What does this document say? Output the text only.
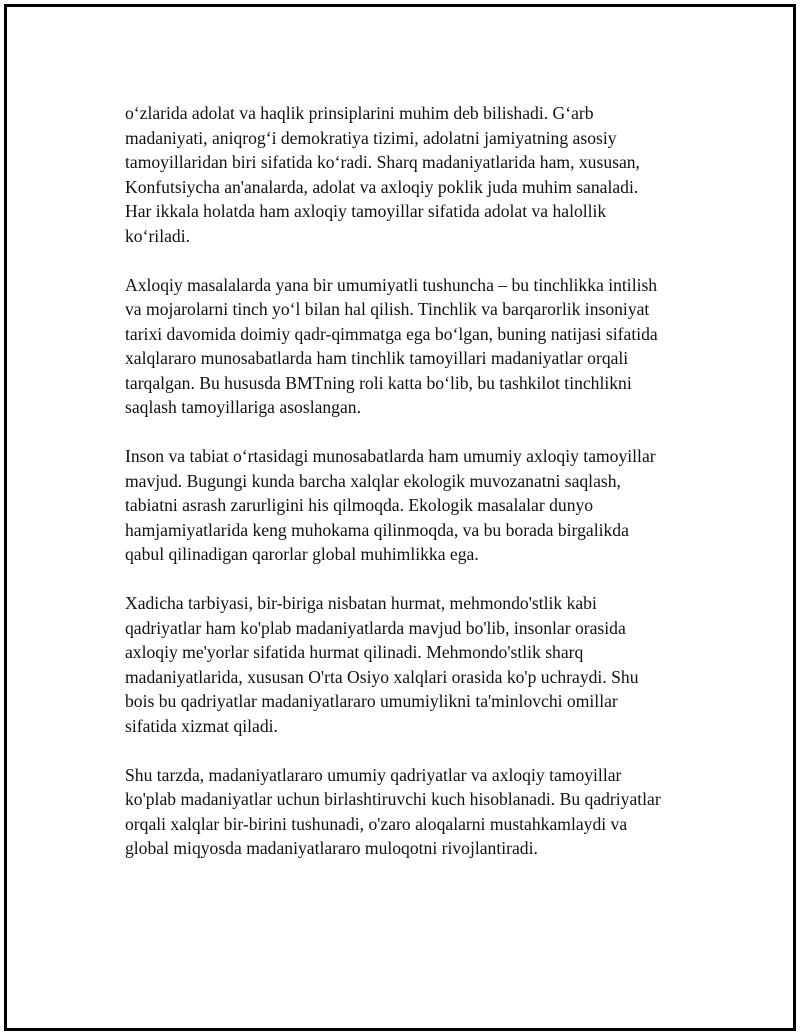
oʻzlarida adolat va haqlik prinsiplarini muhim deb bilishadi. Gʻarb
madaniyati, aniqrogʻi demokratiya tizimi, adolatni jamiyatning asosiy
tamoyillaridan biri sifatida koʻradi. Sharq madaniyatlarida ham, xususan,
Konfutsiycha an'analarda, adolat va axloqiy poklik juda muhim sanaladi.
Har ikkala holatda ham axloqiy tamoyillar sifatida adolat va halollik
koʻriladi.

Axloqiy masalalarda yana bir umumiyatli tushuncha – bu tinchlikka intilish
va mojarolarni tinch yoʻl bilan hal qilish. Tinchlik va barqarorlik insoniyat
tarixi davomida doimiy qadr-qimmatga ega boʻlgan, buning natijasi sifatida
xalqlararo munosabatlarda ham tinchlik tamoyillari madaniyatlar orqali
tarqalgan. Bu hususda BMTning roli katta boʻlib, bu tashkilot tinchlikni
saqlash tamoyillariga asoslangan.

Inson va tabiat oʻrtasidagi munosabatlarda ham umumiy axloqiy tamoyillar
mavjud. Bugungi kunda barcha xalqlar ekologik muvozanatni saqlash,
tabiatni asrash zarurligini his qilmoqda. Ekologik masalalar dunyo
hamjamiyatlarida keng muhokama qilinmoqda, va bu borada birgalikda
qabul qilinadigan qarorlar global muhimlikka ega.

Xadicha tarbiyasi, bir-biriga nisbatan hurmat, mehmondo'stlik kabi
qadriyatlar ham ko'plab madaniyatlarda mavjud bo'lib, insonlar orasida
axloqiy me'yorlar sifatida hurmat qilinadi. Mehmondo'stlik sharq
madaniyatlarida, xususan O'rta Osiyo xalqlari orasida ko'p uchraydi. Shu
bois bu qadriyatlar madaniyatlararo umumiylikni ta'minlovchi omillar
sifatida xizmat qiladi.

Shu tarzda, madaniyatlararo umumiy qadriyatlar va axloqiy tamoyillar
ko'plab madaniyatlar uchun birlashtiruvchi kuch hisoblanadi. Bu qadriyatlar
orqali xalqlar bir-birini tushunadi, o'zaro aloqalarni mustahkamlaydi va
global miqyosda madaniyatlararo muloqotni rivojlantiradi.
